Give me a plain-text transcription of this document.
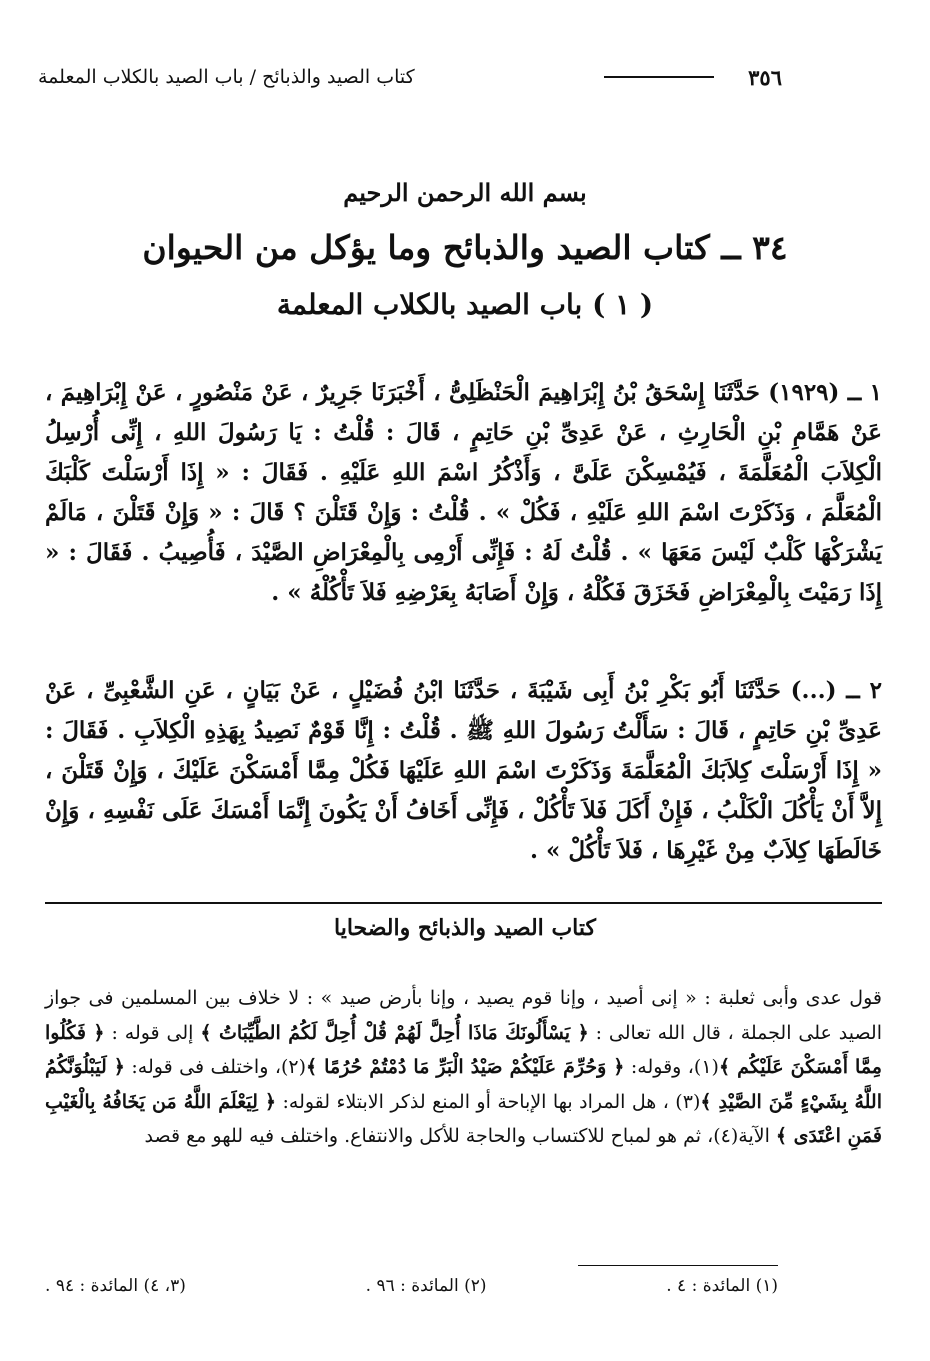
٣٥٦
كتاب الصيد والذبائح / باب الصيد بالكلاب المعلمة
بسم الله الرحمن الرحيم
٣٤ ــ كتاب الصيد والذبائح وما يؤكل من الحيوان
( ١ ) باب الصيد بالكلاب المعلمة

١ ــ (١٩٢٩) حَدَّثَنَا إِسْحَقُ بْنُ إِبْرَاهِيمَ الْحَنْظَلِىُّ ، أَخْبَرَنَا جَرِيرٌ ، عَنْ مَنْصُورٍ ، عَنْ إِبْرَاهِيمَ ، عَنْ هَمَّامِ بْنِ الْحَارِثِ ، عَنْ عَدِىِّ بْنِ حَاتِمٍ ، قَالَ : قُلْتُ : يَا رَسُولَ اللهِ ، إِنِّى أُرْسِلُ الْكِلاَبَ الْمُعَلَّمَةَ ، فَيُمْسِكْنَ عَلَىَّ ، وَأَذْكُرُ اسْمَ اللهِ عَلَيْهِ . فَقَالَ : « إِذَا أَرْسَلْتَ كَلْبَكَ الْمُعَلَّمَ ، وَذَكَرْتَ اسْمَ اللهِ عَلَيْهِ ، فَكُلْ » . قُلْتُ : وَإِنْ قَتَلْنَ ؟ قَالَ : « وَإِنْ قَتَلْنَ ، مَالَمْ يَشْرَكْهَا كَلْبٌ لَيْسَ مَعَهَا » . قُلْتُ لَهُ : فَإِنِّى أَرْمِى بِالْمِعْرَاضِ الصَّيْدَ ، فَأُصِيبُ . فَقَالَ : « إِذَا رَمَيْتَ بِالْمِعْرَاضِ فَخَزَقَ فَكُلْهُ ، وَإِنْ أَصَابَهُ بِعَرْضِهِ فَلاَ تَأْكُلْهُ » .

٢ ــ (...) حَدَّثَنَا أَبُو بَكْرِ بْنُ أَبِى شَيْبَةَ ، حَدَّثَنَا ابْنُ فُضَيْلٍ ، عَنْ بَيَانٍ ، عَنِ الشَّعْبِىِّ ، عَنْ عَدِىِّ بْنِ حَاتِمٍ ، قَالَ : سَأَلْتُ رَسُولَ اللهِ ﷺ . قُلْتُ : إِنَّا قَوْمٌ نَصِيدُ بِهَذِهِ الْكِلاَبِ . فَقَالَ : « إِذَا أَرْسَلْتَ كِلاَبَكَ الْمُعَلَّمَةَ وَذَكَرْتَ اسْمَ اللهِ عَلَيْهَا فَكُلْ مِمَّا أَمْسَكْنَ عَلَيْكَ ، وَإِنْ قَتَلْنَ ، إِلاَّ أَنْ يَأْكُلَ الْكَلْبُ ، فَإِنْ أَكَلَ فَلاَ تَأْكُلْ ، فَإِنِّى أَخَافُ أَنْ يَكُونَ إِنَّمَا أَمْسَكَ عَلَى نَفْسِهِ ، وَإِنْ خَالَطَهَا كِلاَبٌ مِنْ غَيْرِهَا ، فَلاَ تَأْكُلْ » .

كتاب الصيد والذبائح والضحايا

قول عدى وأبى ثعلبة : « إنى أصيد ، وإنا قوم يصيد ، وإنا بأرض صيد » : لا خلاف بين المسلمين فى جواز الصيد على الجملة ، قال الله تعالى : ﴿ يَسْأَلُونَكَ مَاذَا أُحِلَّ لَهُمْ قُلْ أُحِلَّ لَكُمُ الطَّيِّبَاتُ ﴾ إلى قوله : ﴿ فَكُلُوا مِمَّا أَمْسَكْنَ عَلَيْكُم ﴾(١)، وقوله: ﴿ وَحُرِّمَ عَلَيْكُمْ صَيْدُ الْبَرِّ مَا دُمْتُمْ حُرُمًا ﴾(٢)، واختلف فى قوله: ﴿ لَيَبْلُوَنَّكُمُ اللَّهُ بِشَيْءٍ مِّنَ الصَّيْدِ ﴾(٣) ، هل المراد بها الإباحة أو المنع لذكر الابتلاء لقوله: ﴿ لِيَعْلَمَ اللَّهُ مَن يَخَافُهُ بِالْغَيْبِ فَمَنِ اعْتَدَى ﴾ الآية(٤)، ثم هو لمباح للاكتساب والحاجة للأكل والانتفاع. واختلف فيه للهو مع قصد

(١) المائدة : ٤ .
(٢) المائدة : ٩٦ .
(٣، ٤) المائدة : ٩٤ .
